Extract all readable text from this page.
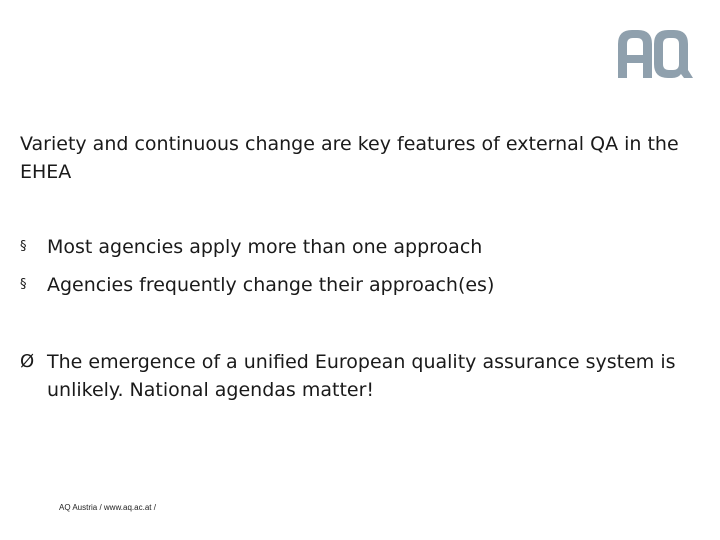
Variety and continuous change are key features of external QA in the EHEA

§ Most agencies apply more than one approach
§ Agencies frequently change their approach(es)
Ø The emergence of a unified European quality assurance system is unlikely. National agendas matter!
AQ Austria / www.aq.ac.at /
